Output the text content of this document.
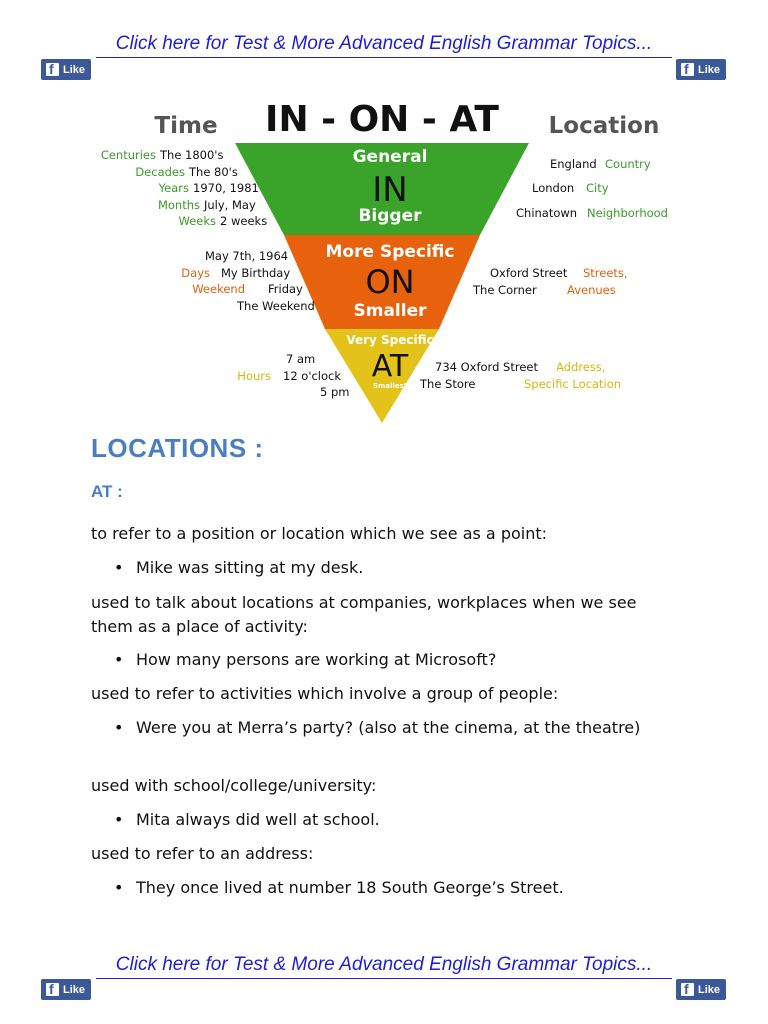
Click here for Test & More Advanced English Grammar Topics...
f Like	f Like
Time IN - ON - AT Location
General
IN
Bigger
More Specific
ON
Smaller
Very Specific
AT
Smallest
Centuries The 1800's
Decades The 80's
Years 1970, 1981
Months July, May
Weeks 2 weeks
England Country
London City
Chinatown Neighborhood
May 7th, 1964
Days My Birthday
Weekend Friday
The Weekend
Oxford Street Streets,
The Corner	Avenues
7 am
Hours 12 o'clock
5 pm
734 Oxford Street Address,
The Store	Specific Location
LOCATIONS :
AT :

to refer to a position or location which we see as a point:

• Mike was sitting at my desk.

used to talk about locations at companies, workplaces when we see them as a place of activity:

• How many persons are working at Microsoft?

used to refer to activities which involve a group of people:

• Were you at Merra’s party? (also at the cinema, at the theatre)

used with school/college/university:

• Mita always did well at school.

used to refer to an address:

• They once lived at number 18 South George’s Street.
Click here for Test & More Advanced English Grammar Topics...
f Like	f Like
